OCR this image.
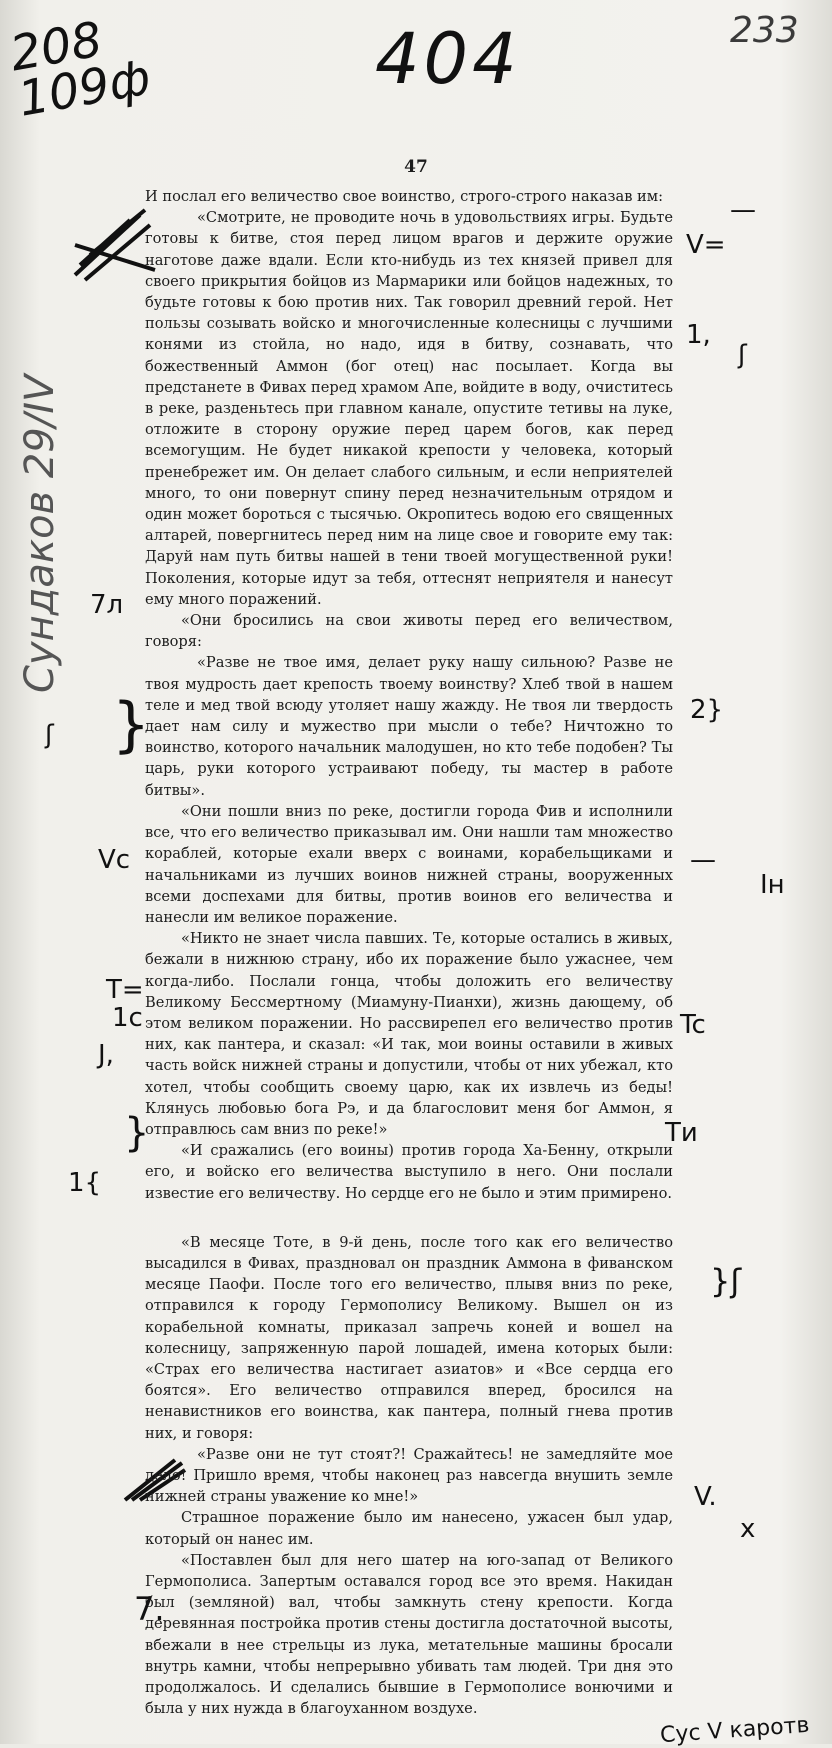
208
109ф	404	233
Сундаков 29/IV
47

И послал его величество свое воинство, строго-строго наказав им:

«Смотрите, не проводите ночь в удовольствиях игры. Будьте готовы к битве, стоя перед лицом врагов и держите оружие наготове даже вдали. Если кто-нибудь из тех князей привел для своего прикрытия бойцов из Мармарики или бойцов надежных, то будьте готовы к бою против них. Так говорил древний герой. Нет пользы созывать войско и многочисленные колесницы с лучшими конями из стойла, но надо, идя в битву, сознавать, что божественный Аммон (бог отец) нас посылает. Когда вы предстанете в Фивах перед храмом Апе, войдите в воду, очиститесь в реке, разденьтесь при главном канале, опустите тетивы на луке, отложите в сторону оружие перед царем богов, как перед всемогущим. Не будет никакой крепости у человека, который пренебрежет им. Он делает слабого сильным, и если неприятелей много, то они повернут спину перед незначительным отрядом и один может бороться с тысячью. Окропитесь водою его священных алтарей, повергнитесь перед ним на лице свое и говорите ему так: Даруй нам путь битвы нашей в тени твоей могущественной руки! Поколения, которые идут за тебя, оттеснят неприятеля и нанесут ему много поражений.

«Они бросились на свои животы перед его величеством, говоря:

«Разве не твое имя, делает руку нашу сильною? Разве не твоя мудрость дает крепость твоему воинству? Хлеб твой в нашем теле и мед твой всюду утоляет нашу жажду. Не твоя ли твердость дает нам силу и мужество при мысли о тебе? Ничтожно то воинство, которого начальник малодушен, но кто тебе подобен? Ты царь, руки которого устраивают победу, ты мастер в работе битвы».

«Они пошли вниз по реке, достигли города Фив и исполнили все, что его величество приказывал им. Они нашли там множество кораблей, которые ехали вверх с воинами, корабельщиками и начальниками из лучших воинов нижней страны, вооруженных всеми доспехами для битвы, против воинов его величества и нанесли им великое поражение.

«Никто не знает числа павших. Те, которые остались в живых, бежали в нижнюю страну, ибо их поражение было ужаснее, чем когда-либо. Послали гонца, чтобы доложить его величеству Великому Бессмертному (Миамуну-Пианхи), жизнь дающему, об этом великом поражении. Но рассвирепел его величество против них, как пантера, и сказал: «И так, мои воины оставили в живых часть войск нижней страны и допустили, чтобы от них убежал, кто хотел, чтобы сообщить своему царю, как их извлечь из беды! Клянусь любовью бога Рэ, и да благословит меня бог Аммон, я отправлюсь сам вниз по реке!»

«И сражались (его воины) против города Ха-Бенну, открыли его, и войско его величества выступило в него. Они послали известие его величеству. Но сердце его не было и этим примирено.

«В месяце Тоте, в 9-й день, после того как его величество высадился в Фивах, праздновал он праздник Аммона в фиванском месяце Паофи. После того его величество, плывя вниз по реке, отправился к городу Гермополису Великому. Вышел он из корабельной комнаты, приказал запречь коней и вошел на колесницу, запряженную парой лошадей, имена которых были: «Страх его величества настигает азиатов» и «Все сердца его боятся». Его величество отправился вперед, бросился на ненавистников его воинства, как пантера, полный гнева против них, и говоря:

«Разве они не тут стоят?! Сражайтесь! не замедляйте мое дело! Пришло время, чтобы наконец раз навсегда внушить земле нижней страны уважение ко мне!»

Страшное поражение было им нанесено, ужасен был удар, который он нанес им.

«Поставлен был для него шатер на юго-запад от Великого Гермополиса. Запертым оставался город все это время. Накидан был (земляной) вал, чтобы замкнуть стену крепости. Когда деревянная постройка против стены достигла достаточной высоты, вбежали в нее стрельцы из лука, метательные машины бросали внутрь камни, чтобы непрерывно убивать там людей. Три дня это продолжалось. И сделались бывшие в Гермополисе вонючими и была у них нужда в благоуханном воздухе.

—
V=
1,
ʃ
7л
ʃ }	2}
Vc	—
Ін
T=
1c	Tc
J,
}	Tи
1{
}ʃ
V.
x
7.
Сус V каротв
